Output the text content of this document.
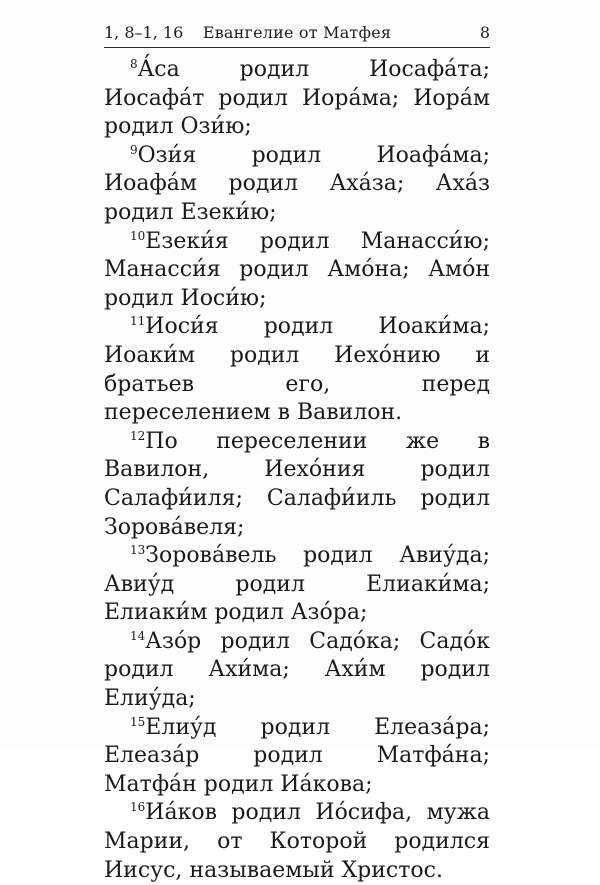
1, 8–1, 16	Евангелие от Матфея	8

$^8$А́са родил Иосафа́та; Иосафа́т родил Иора́ма; Иора́м родил Ози́ю;

$^9$Ози́я родил Иоафа́ма; Иоафа́м родил Аха́за; Аха́з родил Езеки́ю;

$^{10}$Езеки́я родил Манасси́ю; Манасси́я родил Амо́на; Амо́н родил Иоси́ю;

$^{11}$Иоси́я родил Иоаки́ма; Иоаки́м родил Иехо́нию и братьев его, перед переселением в Вавилон.

$^{12}$По переселении же в Вавилон, Иехо́ния родил Салафи́иля; Салафи́иль родил Зорова́веля;

$^{13}$Зорова́вель родил Авиу́да; Авиу́д родил Елиаки́ма; Елиаки́м родил Азо́ра;

$^{14}$Азо́р родил Садо́ка; Садо́к родил Ахи́ма; Ахи́м родил Елиу́да;

$^{15}$Елиу́д родил Елеаза́ра; Елеаза́р родил Матфа́на; Матфа́н родил Иа́кова;

$^{16}$Иа́ков родил Ио́сифа, мужа Марии, от Которой родился Иисус, называемый Христос.
